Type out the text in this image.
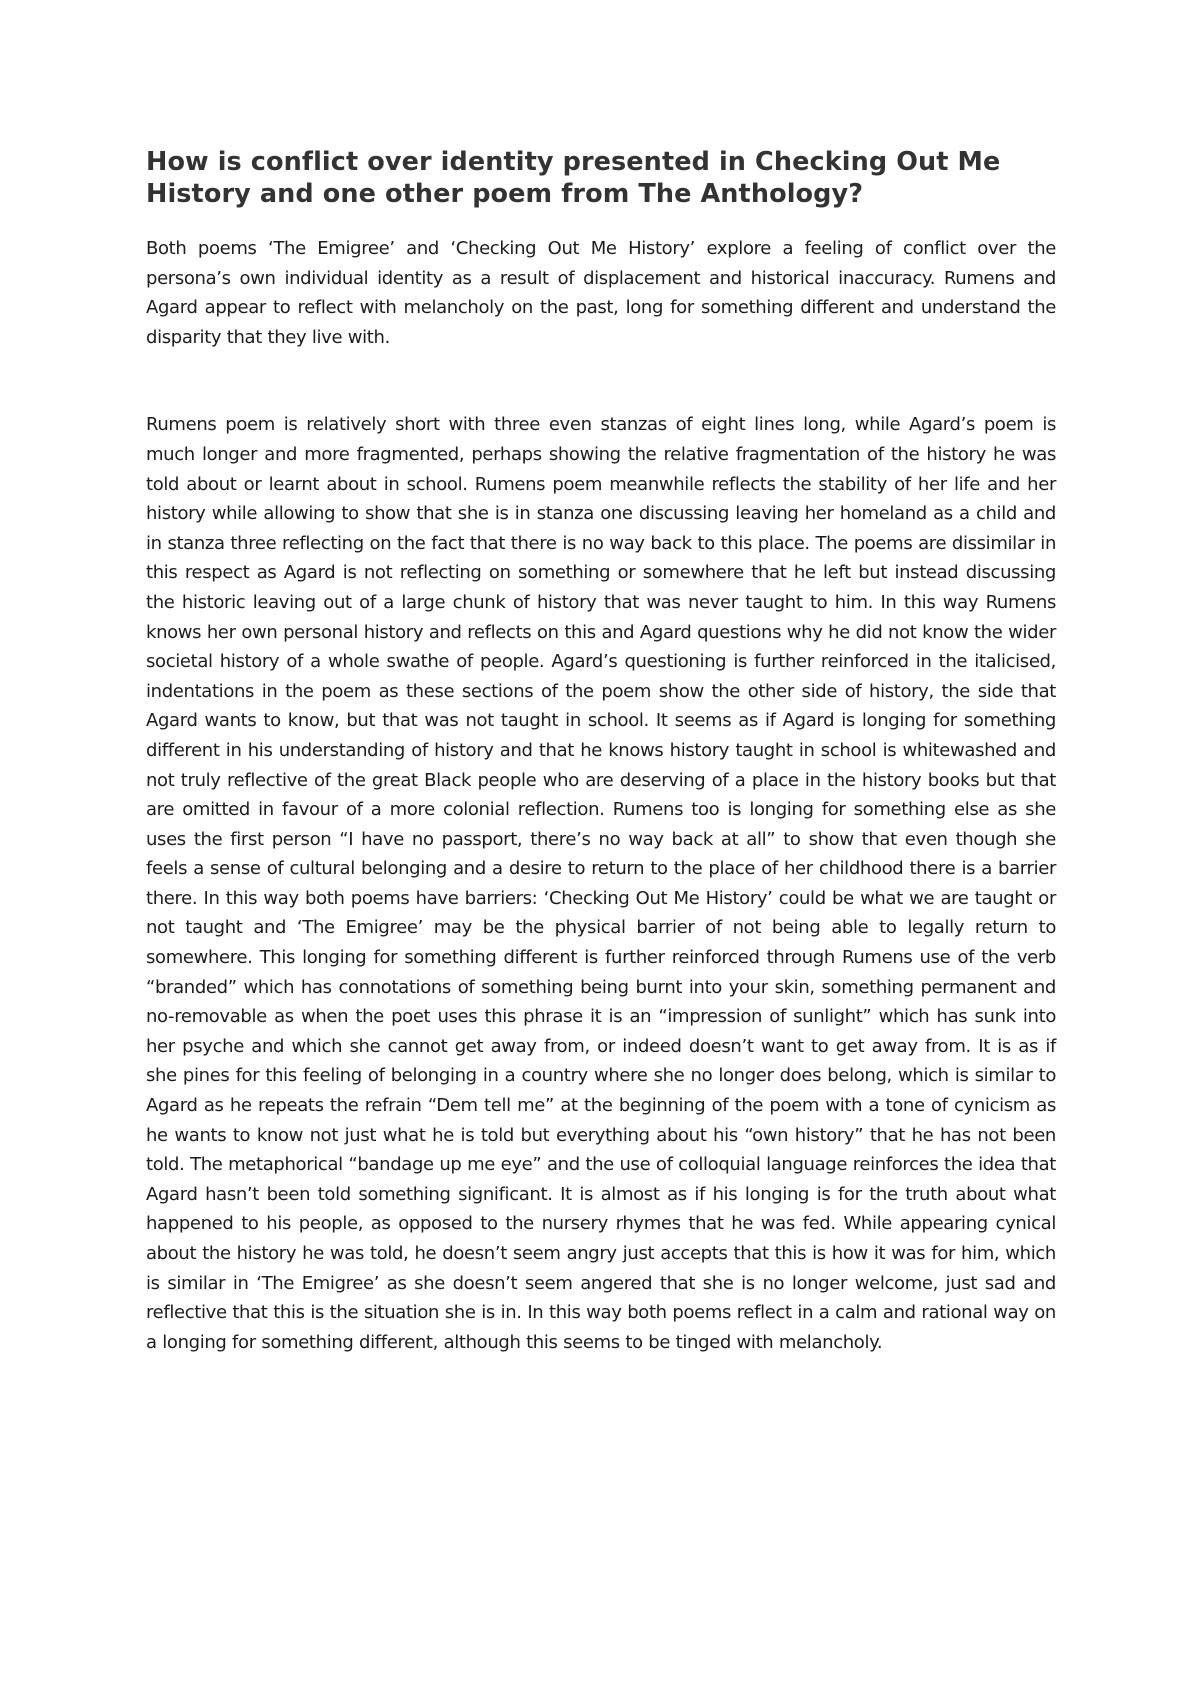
How is conflict over identity presented in Checking Out Me History and one other poem from The Anthology?

Both poems ‘The Emigree’ and ‘Checking Out Me History’ explore a feeling of conflict over the persona’s own individual identity as a result of displacement and historical inaccuracy. Rumens and Agard appear to reflect with melancholy on the past, long for something different and understand the disparity that they live with.

Rumens poem is relatively short with three even stanzas of eight lines long, while Agard’s poem is much longer and more fragmented, perhaps showing the relative fragmentation of the history he was told about or learnt about in school. Rumens poem meanwhile reflects the stability of her life and her history while allowing to show that she is in stanza one discussing leaving her homeland as a child and in stanza three reflecting on the fact that there is no way back to this place. The poems are dissimilar in this respect as Agard is not reflecting on something or somewhere that he left but instead discussing the historic leaving out of a large chunk of history that was never taught to him. In this way Rumens knows her own personal history and reflects on this and Agard questions why he did not know the wider societal history of a whole swathe of people. Agard’s questioning is further reinforced in the italicised, indentations in the poem as these sections of the poem show the other side of history, the side that Agard wants to know, but that was not taught in school. It seems as if Agard is longing for something different in his understanding of history and that he knows history taught in school is whitewashed and not truly reflective of the great Black people who are deserving of a place in the history books but that are omitted in favour of a more colonial reflection. Rumens too is longing for something else as she uses the first person “I have no passport, there’s no way back at all” to show that even though she feels a sense of cultural belonging and a desire to return to the place of her childhood there is a barrier there. In this way both poems have barriers: ‘Checking Out Me History’ could be what we are taught or not taught and ‘The Emigree’ may be the physical barrier of not being able to legally return to somewhere. This longing for something different is further reinforced through Rumens use of the verb “branded” which has connotations of something being burnt into your skin, something permanent and no-removable as when the poet uses this phrase it is an “impression of sunlight” which has sunk into her psyche and which she cannot get away from, or indeed doesn’t want to get away from. It is as if she pines for this feeling of belonging in a country where she no longer does belong, which is similar to Agard as he repeats the refrain “Dem tell me” at the beginning of the poem with a tone of cynicism as he wants to know not just what he is told but everything about his “own history” that he has not been told. The metaphorical “bandage up me eye” and the use of colloquial language reinforces the idea that Agard hasn’t been told something significant. It is almost as if his longing is for the truth about what happened to his people, as opposed to the nursery rhymes that he was fed. While appearing cynical about the history he was told, he doesn’t seem angry just accepts that this is how it was for him, which is similar in ‘The Emigree’ as she doesn’t seem angered that she is no longer welcome, just sad and reflective that this is the situation she is in. In this way both poems reflect in a calm and rational way on a longing for something different, although this seems to be tinged with melancholy.
